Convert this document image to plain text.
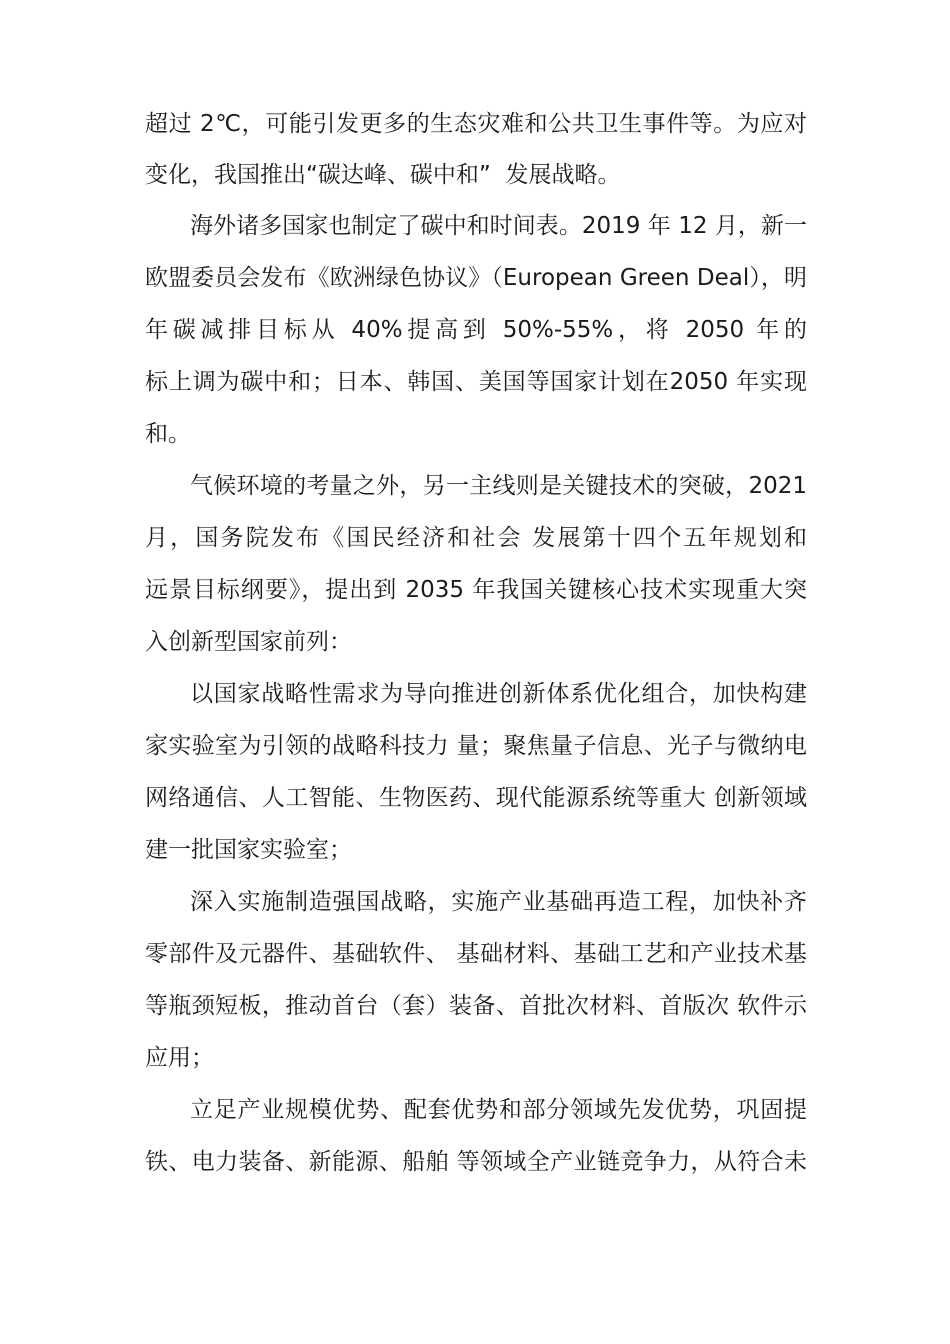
超过 2℃，可能引发更多的生态灾难和公共卫生事件等。为应对
变化，我国推出“碳达峰、碳中和”  发展战略。
海外诸多国家也制定了碳中和时间表。2019 年 12 月，新一
欧盟委员会发布《欧洲绿色协议》（European Green Deal），明
年碳减排目标从 40%提高到 50%-55%，将 2050 年的
标上调为碳中和；日本、韩国、美国等国家计划在2050 年实现
和。
气候环境的考量之外，另一主线则是关键技术的突破，2021
月，国务院发布《国民经济和社会 发展第十四个五年规划和
远景目标纲要》，提出到 2035 年我国关键核心技术实现重大突
入创新型国家前列：
以国家战略性需求为导向推进创新体系优化组合，加快构建
家实验室为引领的战略科技力 量；聚焦量子信息、光子与微纳电
网络通信、人工智能、生物医药、现代能源系统等重大 创新领域
建一批国家实验室；
深入实施制造强国战略，实施产业基础再造工程，加快补齐
零部件及元器件、基础软件、 基础材料、基础工艺和产业技术基
等瓶颈短板，推动首台（套）装备、首批次材料、首版次 软件示
应用；
立足产业规模优势、配套优势和部分领域先发优势，巩固提
铁、电力装备、新能源、船舶 等领域全产业链竞争力，从符合未
